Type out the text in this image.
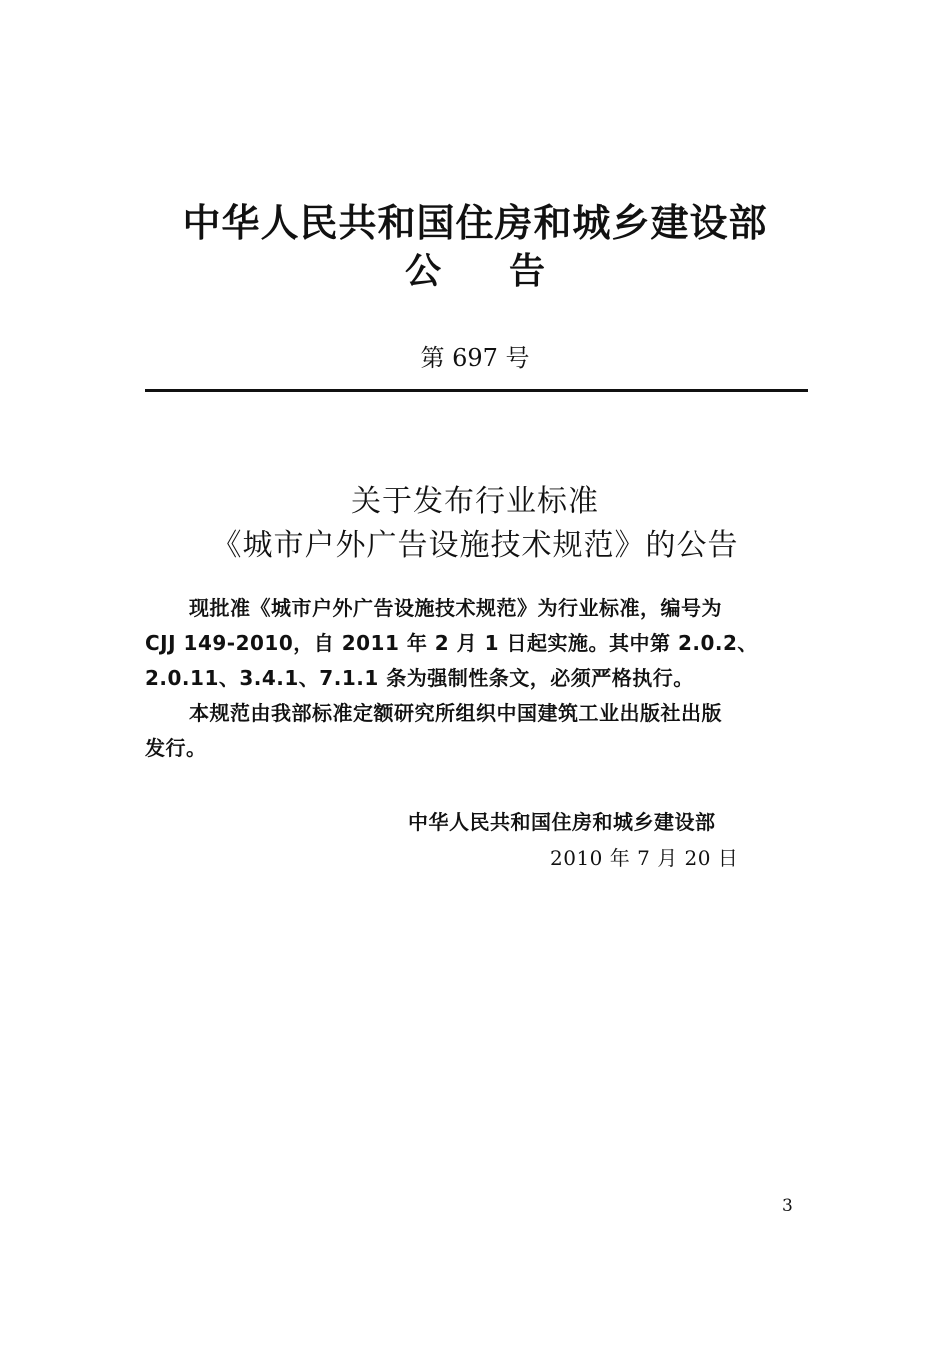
中华人民共和国住房和城乡建设部
公 告
第 697 号
关于发布行业标准
《城市户外广告设施技术规范》的公告

现批准《城市户外广告设施技术规范》为行业标准，编号为

CJJ 149-2010，自 2011 年 2 月 1 日起实施。其中第 2.0.2、

2.0.11、3.4.1、7.1.1 条为强制性条文，必须严格执行。

本规范由我部标准定额研究所组织中国建筑工业出版社出版

发行。

中华人民共和国住房和城乡建设部
2010 年 7 月 20 日
3
